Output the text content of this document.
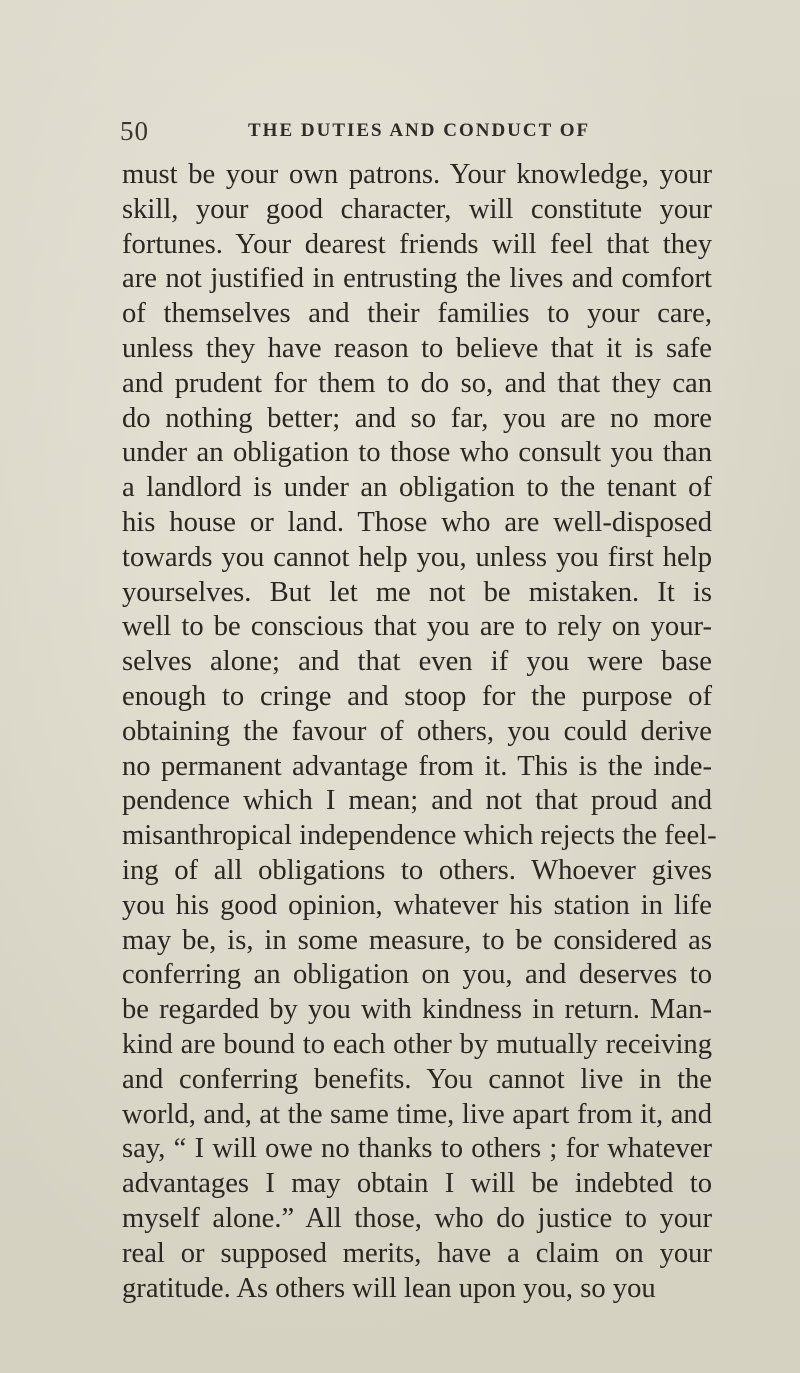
50	THE DUTIES AND CONDUCT OF
must be your own patrons. Your knowledge, your
skill, your good character, will constitute your
fortunes. Your dearest friends will feel that they
are not justified in entrusting the lives and comfort
of themselves and their families to your care,
unless they have reason to believe that it is safe
and prudent for them to do so, and that they can
do nothing better; and so far, you are no more
under an obligation to those who consult you than
a landlord is under an obligation to the tenant of
his house or land. Those who are well-disposed
towards you cannot help you, unless you first help
yourselves. But let me not be mistaken. It is
well to be conscious that you are to rely on your-
selves alone; and that even if you were base
enough to cringe and stoop for the purpose of
obtaining the favour of others, you could derive
no permanent advantage from it. This is the inde-
pendence which I mean; and not that proud and
misanthropical independence which rejects the feel-
ing of all obligations to others. Whoever gives
you his good opinion, whatever his station in life
may be, is, in some measure, to be considered as
conferring an obligation on you, and deserves to
be regarded by you with kindness in return. Man-
kind are bound to each other by mutually receiving
and conferring benefits. You cannot live in the
world, and, at the same time, live apart from it, and
say, “ I will owe no thanks to others ; for whatever
advantages I may obtain I will be indebted to
myself alone.” All those, who do justice to your
real or supposed merits, have a claim on your
gratitude. As others will lean upon you, so you
